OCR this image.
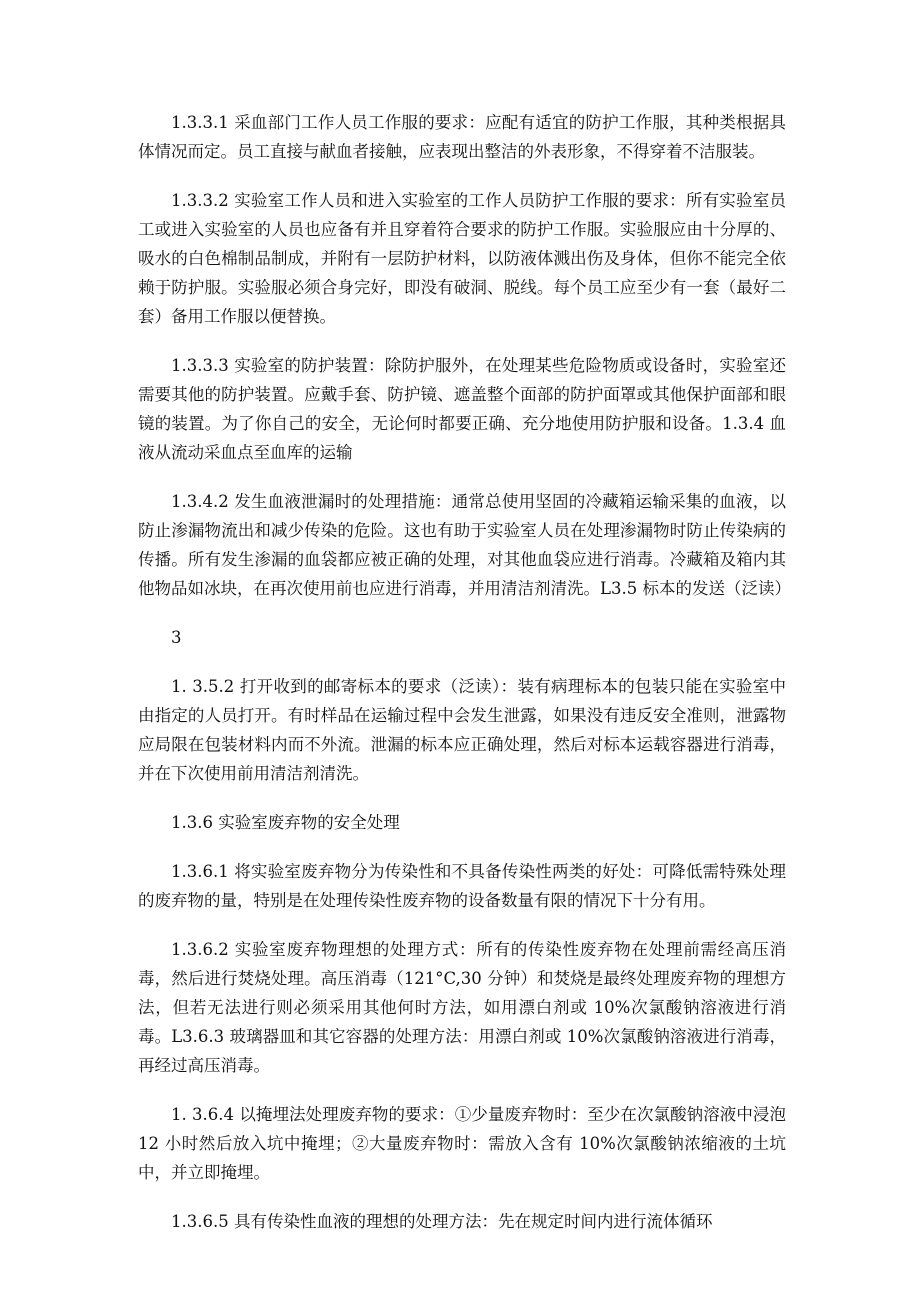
1.3.3.1 采血部门工作人员工作服的要求：应配有适宜的防护工作服，其种类根据具体情况而定。员工直接与献血者接触，应表现出整洁的外表形象，不得穿着不洁服装。

1.3.3.2 实验室工作人员和进入实验室的工作人员防护工作服的要求：所有实验室员工或进入实验室的人员也应备有并且穿着符合要求的防护工作服。实验服应由十分厚的、吸水的白色棉制品制成，并附有一层防护材料，以防液体溅出伤及身体，但你不能完全依赖于防护服。实验服必须合身完好，即没有破洞、脱线。每个员工应至少有一套（最好二套）备用工作服以便替换。

1.3.3.3 实验室的防护装置：除防护服外，在处理某些危险物质或设备时，实验室还需要其他的防护装置。应戴手套、防护镜、遮盖整个面部的防护面罩或其他保护面部和眼镜的装置。为了你自己的安全，无论何时都要正确、充分地使用防护服和设备。1.3.4 血液从流动采血点至血库的运输

1.3.4.2 发生血液泄漏时的处理措施：通常总使用坚固的冷藏箱运输采集的血液，以防止渗漏物流出和减少传染的危险。这也有助于实验室人员在处理渗漏物时防止传染病的传播。所有发生渗漏的血袋都应被正确的处理，对其他血袋应进行消毒。冷藏箱及箱内其他物品如冰块，在再次使用前也应进行消毒，并用清洁剂清洗。L3.5 标本的发送（泛读）

3

1. 3.5.2 打开收到的邮寄标本的要求（泛读）：装有病理标本的包装只能在实验室中由指定的人员打开。有时样品在运输过程中会发生泄露，如果没有违反安全准则，泄露物应局限在包装材料内而不外流。泄漏的标本应正确处理，然后对标本运载容器进行消毒，并在下次使用前用清洁剂清洗。

1.3.6 实验室废弃物的安全处理

1.3.6.1 将实验室废弃物分为传染性和不具备传染性两类的好处：可降低需特殊处理的废弃物的量，特别是在处理传染性废弃物的设备数量有限的情况下十分有用。

1.3.6.2 实验室废弃物理想的处理方式：所有的传染性废弃物在处理前需经高压消毒，然后进行焚烧处理。高压消毒（121°C,30 分钟）和焚烧是最终处理废弃物的理想方法，但若无法进行则必须采用其他何时方法，如用漂白剂或 10%次氯酸钠溶液进行消毒。L3.6.3 玻璃器皿和其它容器的处理方法：用漂白剂或 10%次氯酸钠溶液进行消毒，再经过高压消毒。

1. 3.6.4 以掩埋法处理废弃物的要求：①少量废弃物时：至少在次氯酸钠溶液中浸泡 12 小时然后放入坑中掩埋；②大量废弃物时：需放入含有 10%次氯酸钠浓缩液的土坑中，并立即掩埋。

1.3.6.5 具有传染性血液的理想的处理方法：先在规定时间内进行流体循环
